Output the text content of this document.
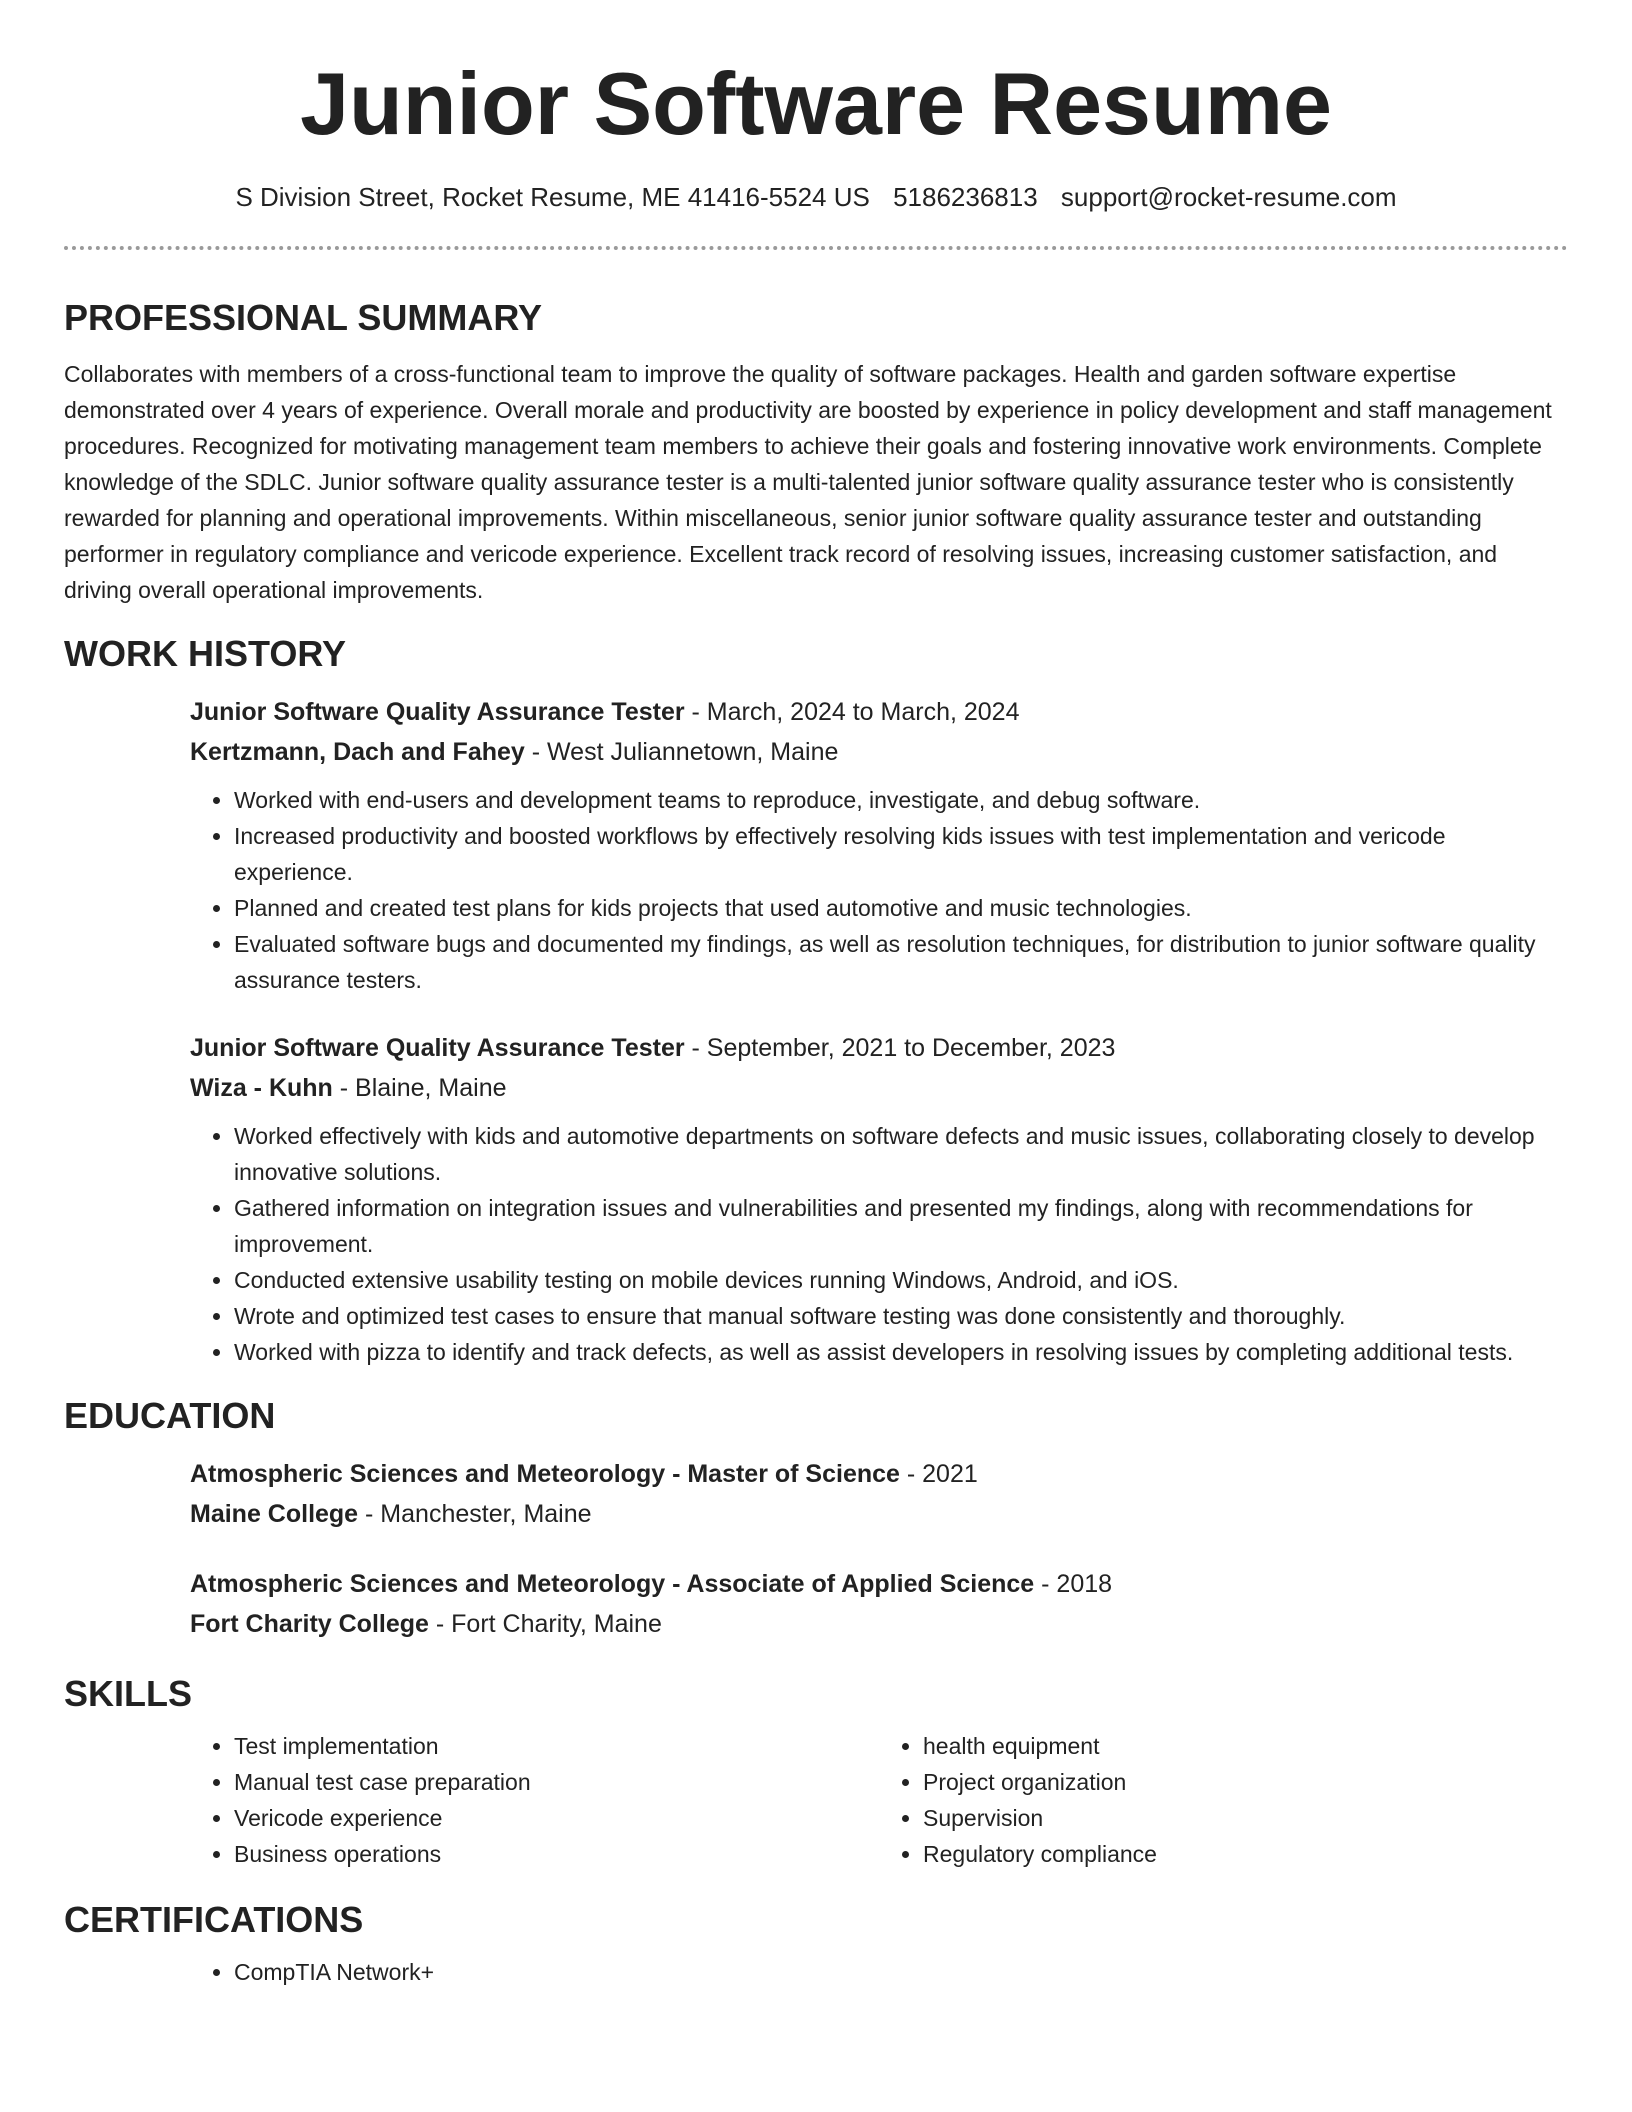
Junior Software Resume
S Division Street, Rocket Resume, ME 41416-5524 US 5186236813 support@rocket-resume.com
PROFESSIONAL SUMMARY

Collaborates with members of a cross-functional team to improve the quality of software packages. Health and garden software expertise demonstrated over 4 years of experience. Overall morale and productivity are boosted by experience in policy development and staff management procedures. Recognized for motivating management team members to achieve their goals and fostering innovative work environments. Complete knowledge of the SDLC. Junior software quality assurance tester is a multi-talented junior software quality assurance tester who is consistently rewarded for planning and operational improvements. Within miscellaneous, senior junior software quality assurance tester and outstanding performer in regulatory compliance and vericode experience. Excellent track record of resolving issues, increasing customer satisfaction, and driving overall operational improvements.

WORK HISTORY

Junior Software Quality Assurance Tester - March, 2024 to March, 2024

Kertzmann, Dach and Fahey - West Juliannetown, Maine

• Worked with end-users and development teams to reproduce, investigate, and debug software.
• Increased productivity and boosted workflows by effectively resolving kids issues with test implementation and vericode experience.
• Planned and created test plans for kids projects that used automotive and music technologies.
• Evaluated software bugs and documented my findings, as well as resolution techniques, for distribution to junior software quality assurance testers.

Junior Software Quality Assurance Tester - September, 2021 to December, 2023

Wiza - Kuhn - Blaine, Maine

• Worked effectively with kids and automotive departments on software defects and music issues, collaborating closely to develop innovative solutions.
• Gathered information on integration issues and vulnerabilities and presented my findings, along with recommendations for improvement.
• Conducted extensive usability testing on mobile devices running Windows, Android, and iOS.
• Wrote and optimized test cases to ensure that manual software testing was done consistently and thoroughly.
• Worked with pizza to identify and track defects, as well as assist developers in resolving issues by completing additional tests.
EDUCATION

Atmospheric Sciences and Meteorology - Master of Science - 2021

Maine College - Manchester, Maine

Atmospheric Sciences and Meteorology - Associate of Applied Science - 2018

Fort Charity College - Fort Charity, Maine

SKILLS
• Test implementation
• Manual test case preparation
• Vericode experience
• Business operations
• health equipment
• Project organization
• Supervision
• Regulatory compliance
CERTIFICATIONS
• CompTIA Network+
